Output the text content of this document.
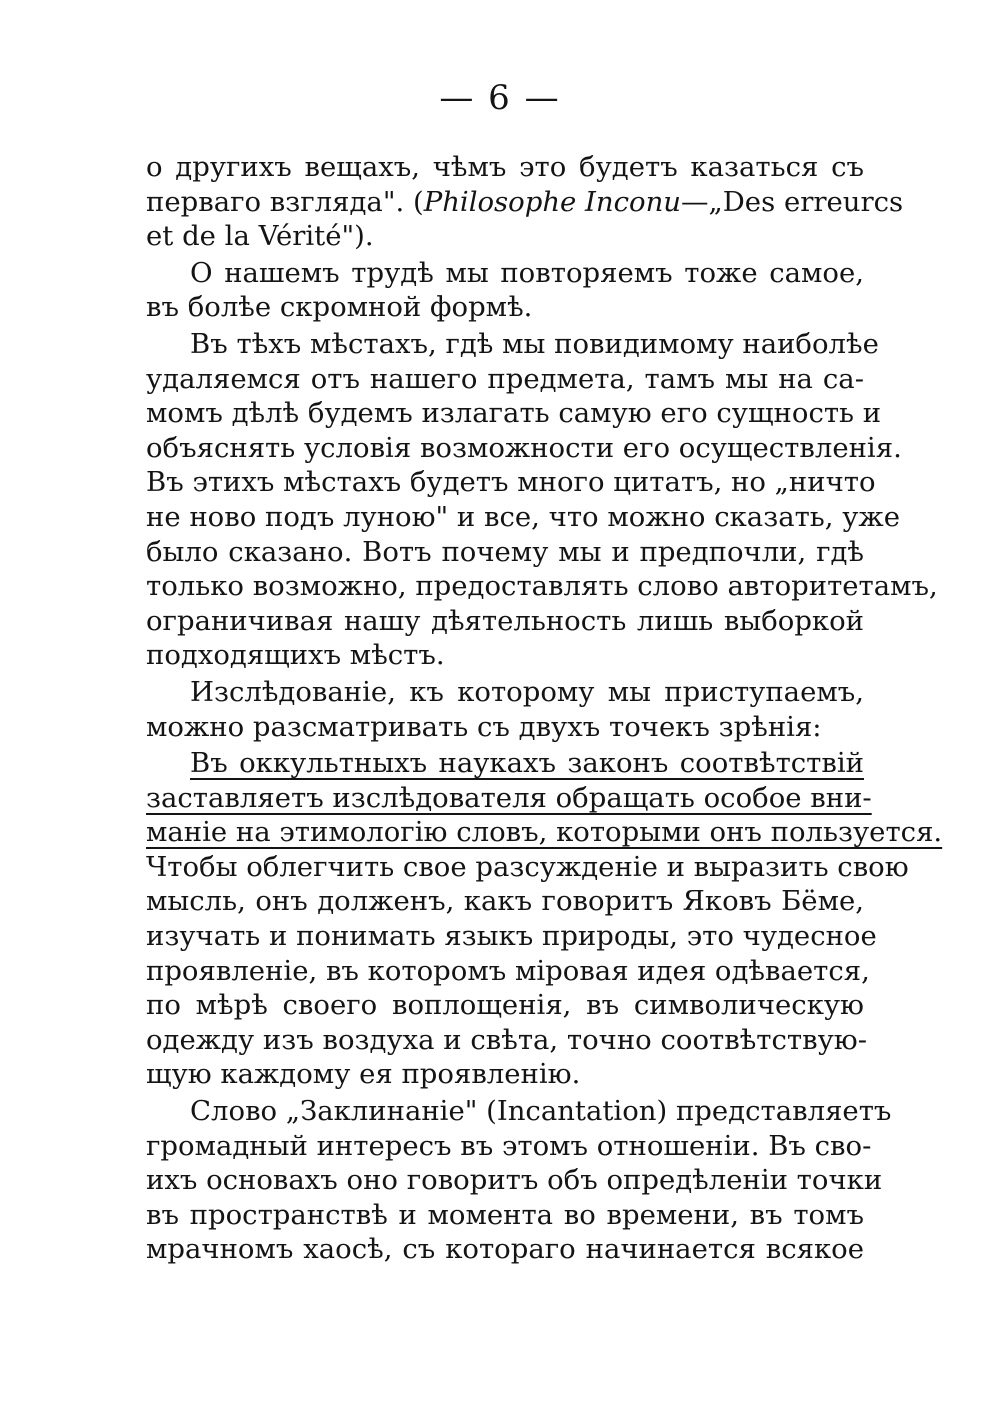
— 6 —
о другихъ вещахъ, чѣмъ это будетъ казаться съ
перваго взгляда". (Philosophe Inconu—„Des erreurcs
et de la Vérité").
О нашемъ трудѣ мы повторяемъ тоже самое,
въ болѣе скромной формѣ.
Въ тѣхъ мѣстахъ, гдѣ мы повидимому наиболѣе
удаляемся отъ нашего предмета, тамъ мы на са-
момъ дѣлѣ будемъ излагать самую его сущность и
объяснять условія возможности его осуществленія.
Въ этихъ мѣстахъ будетъ много цитатъ, но „ничто
не ново подъ луною" и все, что можно сказать, уже
было сказано. Вотъ почему мы и предпочли, гдѣ
только возможно, предоставлять слово авторитетамъ,
ограничивая нашу дѣятельность лишь выборкой
подходящихъ мѣстъ.
Изслѣдованіе, къ которому мы приступаемъ,
можно разсматривать съ двухъ точекъ зрѣнія:
Въ оккультныхъ наукахъ законъ соотвѣтствій
заставляетъ изслѣдователя обращать особое вни-
маніе на этимологію словъ, которыми онъ пользуется.
Чтобы облегчить свое разсужденіе и выразить свою
мысль, онъ долженъ, какъ говоритъ Яковъ Бёме,
изучать и понимать языкъ природы, это чудесное
проявленіе, въ которомъ міровая идея одѣвается,
по мѣрѣ своего воплощенія, въ символическую
одежду изъ воздуха и свѣта, точно соотвѣтствую-
щую каждому ея проявленію.
Слово „Заклинаніе" (Incantation) представляетъ
громадный интересъ въ этомъ отношеніи. Въ сво-
ихъ основахъ оно говоритъ объ опредѣленіи точки
въ пространствѣ и момента во времени, въ томъ
мрачномъ хаосѣ, съ котораго начинается всякое
